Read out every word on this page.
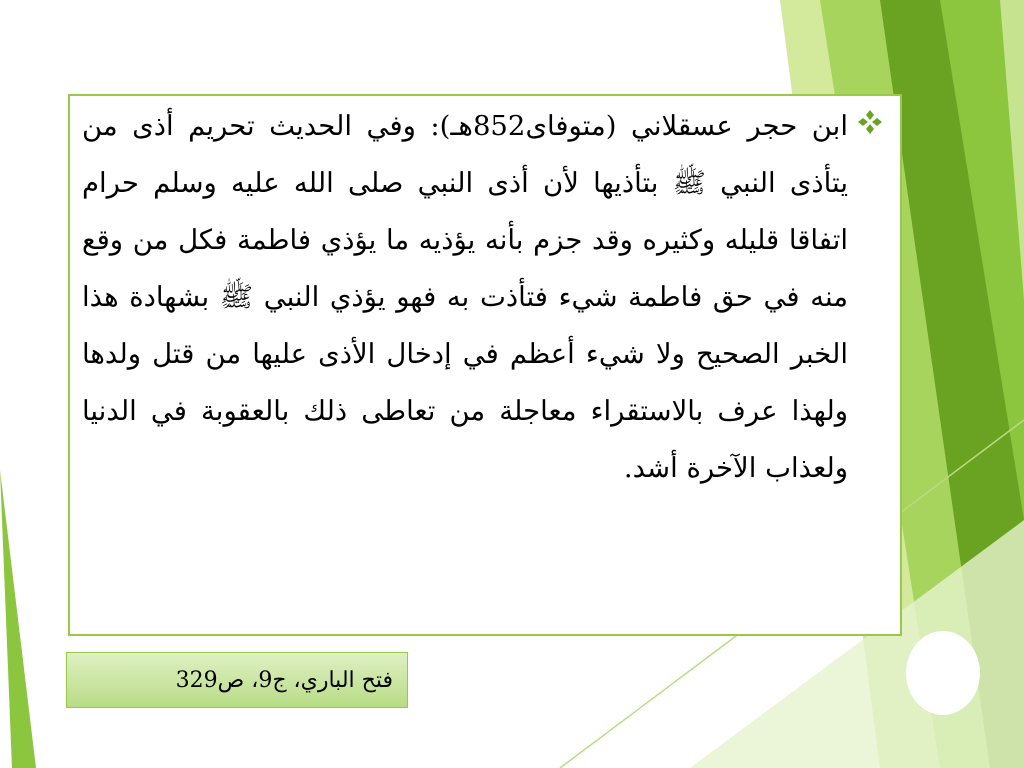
ابن حجر عسقلاني (متوفاى852هـ): وفي الحديث تحريم أذى من يتأذى النبي ﷺ بتأذيها لأن أذى النبي صلى الله عليه وسلم حرام اتفاقا قليله وكثيره وقد جزم بأنه يؤذيه ما يؤذي فاطمة فكل من وقع منه في حق فاطمة شيء فتأذت به فهو يؤذي النبي ﷺ بشهادة هذا الخبر الصحيح ولا شيء أعظم في إدخال الأذى عليها من قتل ولدها ولهذا عرف بالاستقراء معاجلة من تعاطى ذلك بالعقوبة في الدنيا ولعذاب الآخرة أشد.

فتح الباري، ج9، ص329
